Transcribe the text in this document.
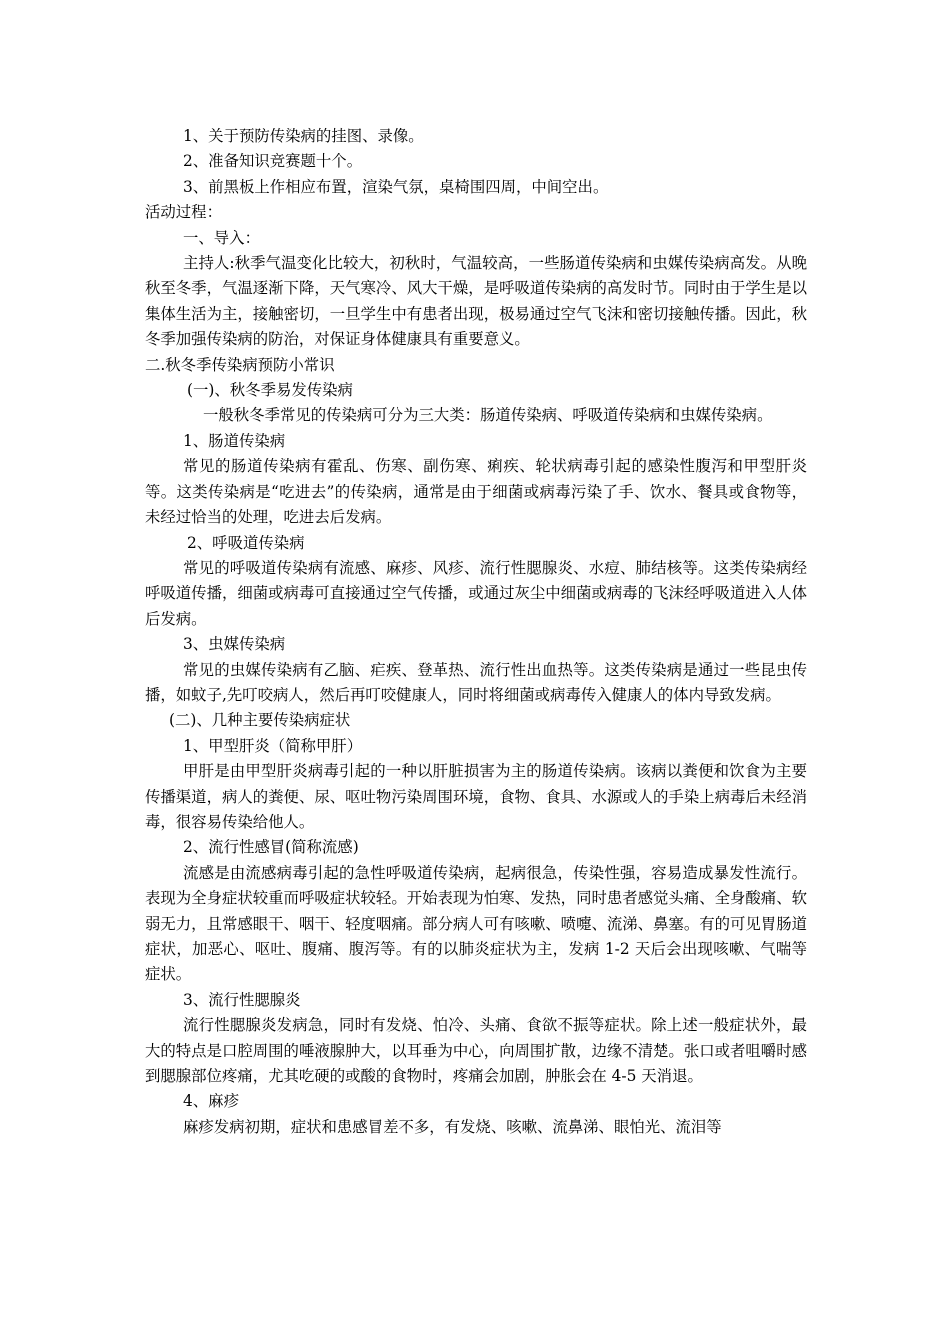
1、关于预防传染病的挂图、录像。

2、准备知识竞赛题十个。

3、前黑板上作相应布置，渲染气氛，桌椅围四周，中间空出。

活动过程：

一、导入：

主持人:秋季气温变化比较大，初秋时，气温较高，一些肠道传染病和虫媒传染病高发。从晚秋至冬季，气温逐渐下降，天气寒冷、风大干燥，是呼吸道传染病的高发时节。同时由于学生是以集体生活为主，接触密切，一旦学生中有患者出现，极易通过空气飞沫和密切接触传播。因此，秋冬季加强传染病的防治，对保证身体健康具有重要意义。

二.秋冬季传染病预防小常识

(一)、秋冬季易发传染病

一般秋冬季常见的传染病可分为三大类：肠道传染病、呼吸道传染病和虫媒传染病。

1、肠道传染病

常见的肠道传染病有霍乱、伤寒、副伤寒、痢疾、轮状病毒引起的感染性腹泻和甲型肝炎等。这类传染病是“吃进去”的传染病，通常是由于细菌或病毒污染了手、饮水、餐具或食物等，未经过恰当的处理，吃进去后发病。

2、呼吸道传染病

常见的呼吸道传染病有流感、麻疹、风疹、流行性腮腺炎、水痘、肺结核等。这类传染病经呼吸道传播，细菌或病毒可直接通过空气传播，或通过灰尘中细菌或病毒的飞沫经呼吸道进入人体后发病。

3、虫媒传染病

常见的虫媒传染病有乙脑、疟疾、登革热、流行性出血热等。这类传染病是通过一些昆虫传播，如蚊子,先叮咬病人，然后再叮咬健康人，同时将细菌或病毒传入健康人的体内导致发病。

(二)、几种主要传染病症状

1、甲型肝炎（简称甲肝）

甲肝是由甲型肝炎病毒引起的一种以肝脏损害为主的肠道传染病。该病以粪便和饮食为主要传播渠道，病人的粪便、尿、呕吐物污染周围环境，食物、食具、水源或人的手染上病毒后未经消毒，很容易传染给他人。

2、流行性感冒(简称流感)

流感是由流感病毒引起的急性呼吸道传染病，起病很急，传染性强，容易造成暴发性流行。表现为全身症状较重而呼吸症状较轻。开始表现为怕寒、发热，同时患者感觉头痛、全身酸痛、软弱无力，且常感眼干、咽干、轻度咽痛。部分病人可有咳嗽、喷嚏、流涕、鼻塞。有的可见胃肠道症状，加恶心、呕吐、腹痛、腹泻等。有的以肺炎症状为主，发病 1-2 天后会出现咳嗽、气喘等症状。

3、流行性腮腺炎

流行性腮腺炎发病急，同时有发烧、怕冷、头痛、食欲不振等症状。除上述一般症状外，最大的特点是口腔周围的唾液腺肿大，以耳垂为中心，向周围扩散，边缘不清楚。张口或者咀嚼时感到腮腺部位疼痛，尤其吃硬的或酸的食物时，疼痛会加剧，肿胀会在 4-5 天消退。

4、麻疹

麻疹发病初期，症状和患感冒差不多，有发烧、咳嗽、流鼻涕、眼怕光、流泪等
